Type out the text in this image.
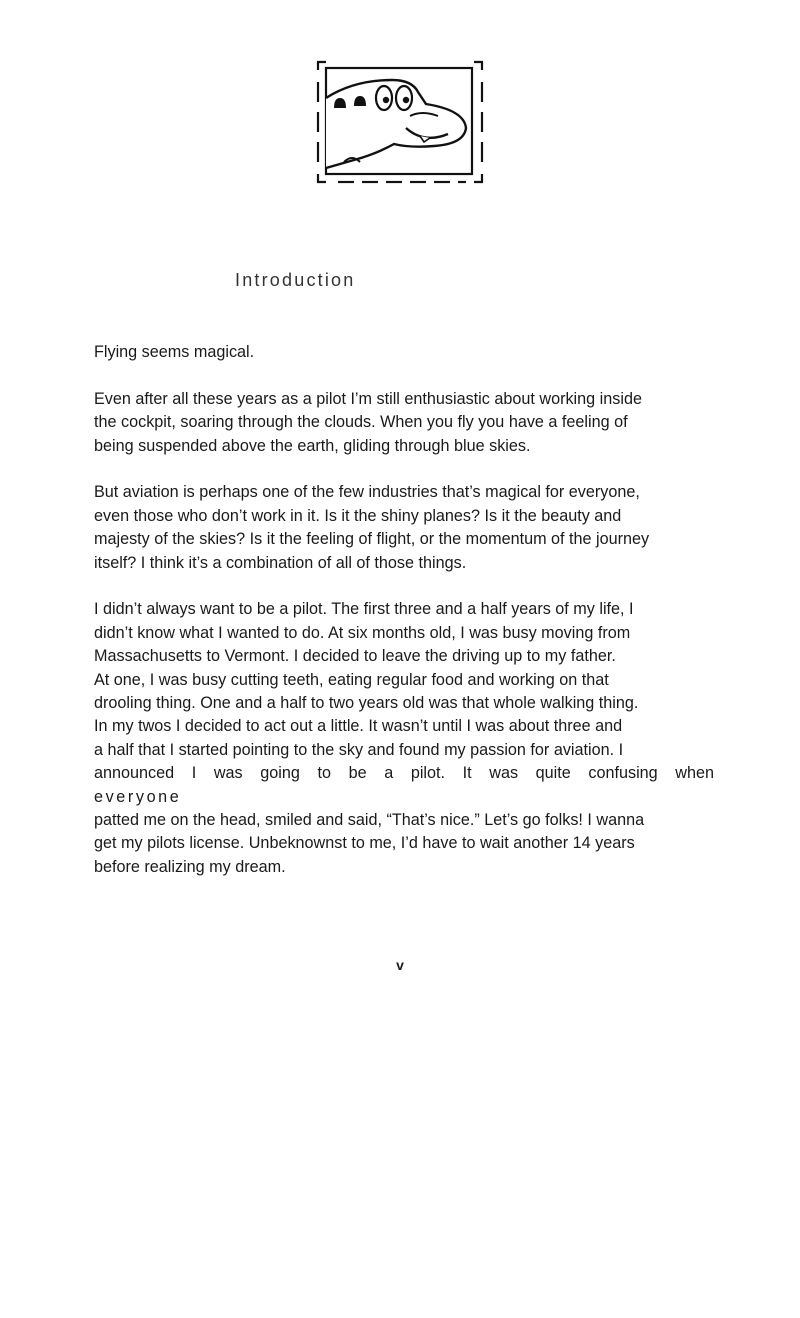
Introduction

Flying seems magical.

Even after all these years as a pilot I’m still enthusiastic about working inside
the cockpit, soaring through the clouds. When you fly you have a feeling of
being suspended above the earth, gliding through blue skies.

But aviation is perhaps one of the few industries that’s magical for everyone,
even those who don’t work in it. Is it the shiny planes? Is it the beauty and
majesty of the skies? Is it the feeling of flight, or the momentum of the journey
itself? I think it’s a combination of all of those things.

I didn’t always want to be a pilot. The first three and a half years of my life, I
didn’t know what I wanted to do. At six months old, I was busy moving from
Massachusetts to Vermont. I decided to leave the driving up to my father.
At one, I was busy cutting teeth, eating regular food and working on that
drooling thing. One and a half to two years old was that whole walking thing.
In my twos I decided to act out a little. It wasn’t until I was about three and
a half that I started pointing to the sky and found my passion for aviation. I
announced I was going to be a pilot. It was quite confusing when
everyone
patted me on the head, smiled and said, “That’s nice.” Let’s go folks! I wanna
get my pilots license. Unbeknownst to me, I’d have to wait another 14 years
before realizing my dream.

v
